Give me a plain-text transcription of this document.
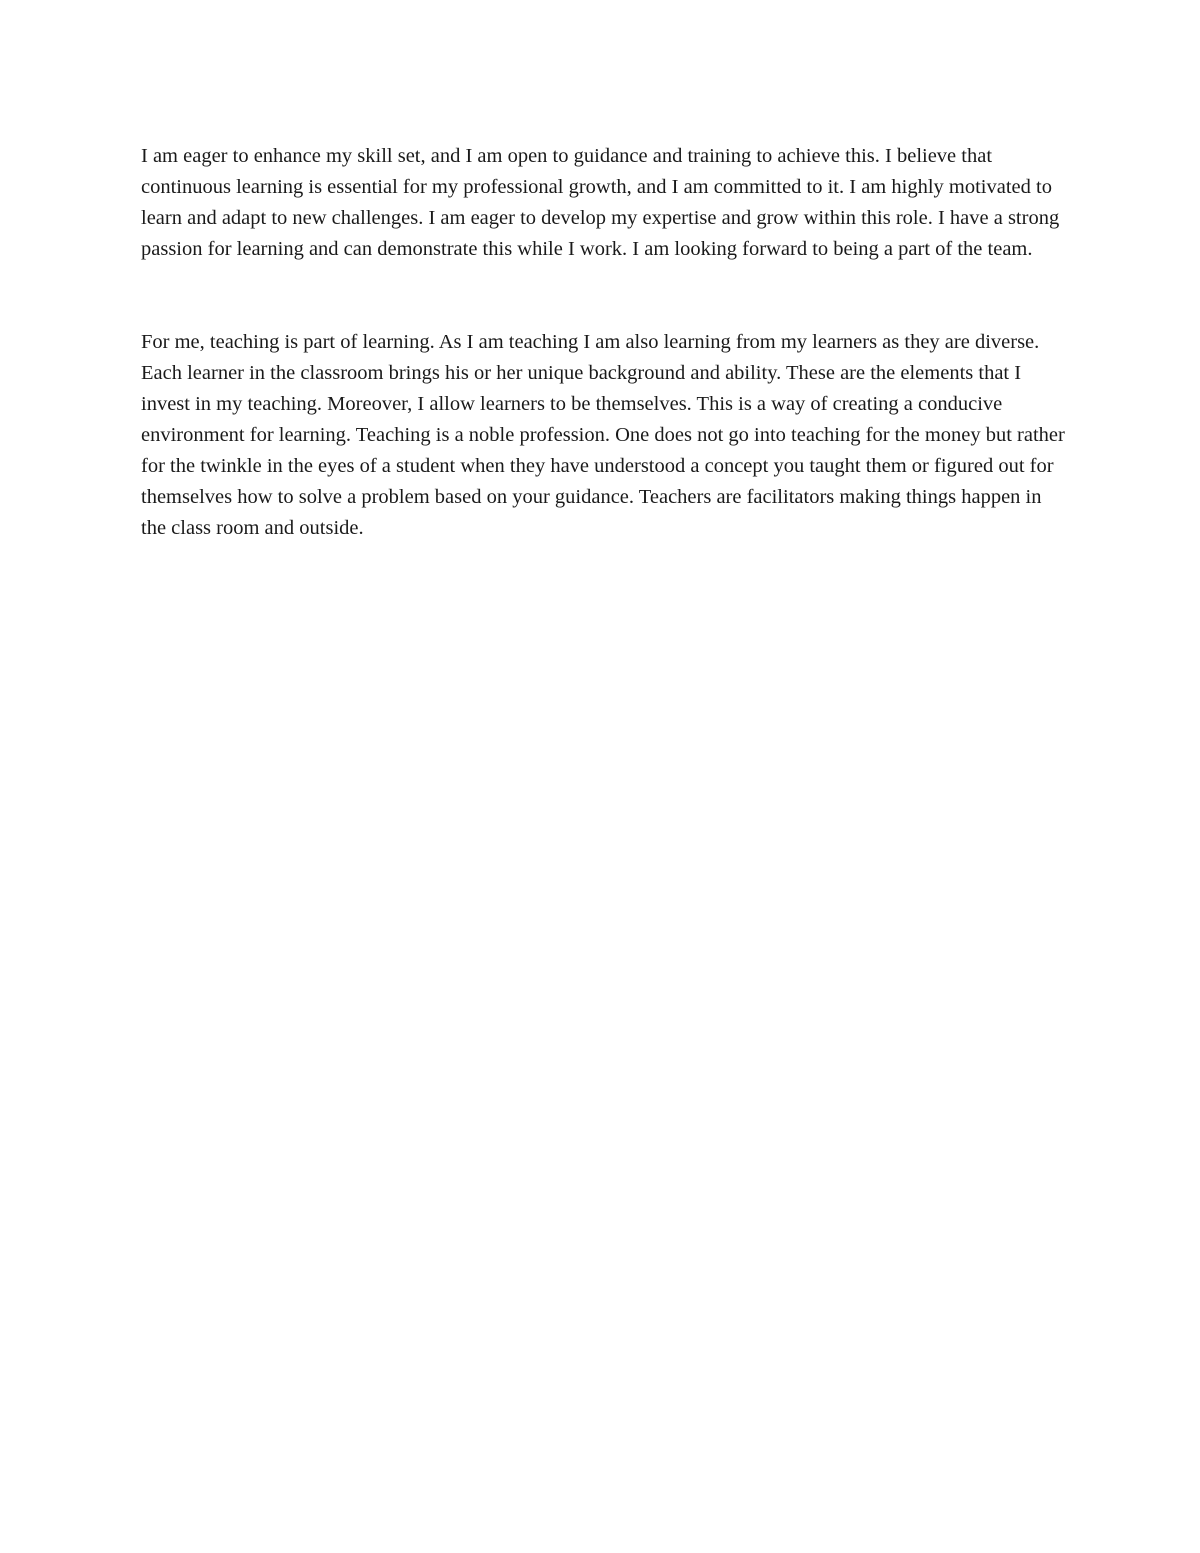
I am eager to enhance my skill set, and I am open to guidance and training to achieve this. I believe that continuous learning is essential for my professional growth, and I am committed to it. I am highly motivated to learn and adapt to new challenges. I am eager to develop my expertise and grow within this role. I have a strong passion for learning and can demonstrate this while I work. I am looking forward to being a part of the team.

For me, teaching is part of learning. As I am teaching I am also learning from my learners as they are diverse. Each learner in the classroom brings his or her unique background and ability. These are the elements that I invest in my teaching. Moreover, I allow learners to be themselves. This is a way of creating a conducive environment for learning. Teaching is a noble profession. One does not go into teaching for the money but rather for the twinkle in the eyes of a student when they have understood a concept you taught them or figured out for themselves how to solve a problem based on your guidance. Teachers are facilitators making things happen in the class room and outside.
